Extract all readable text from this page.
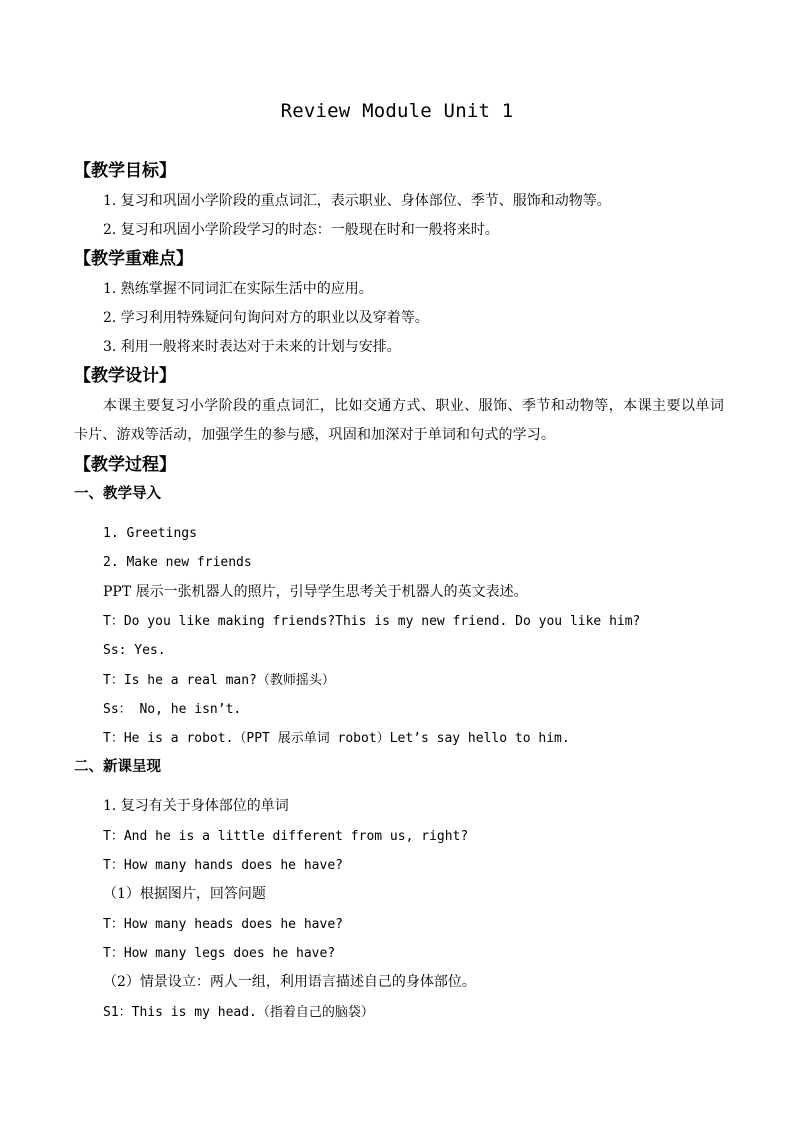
Review Module Unit 1

【教学目标】

1. 复习和巩固小学阶段的重点词汇，表示职业、身体部位、季节、服饰和动物等。

2. 复习和巩固小学阶段学习的时态：一般现在时和一般将来时。

【教学重难点】

1. 熟练掌握不同词汇在实际生活中的应用。

2. 学习利用特殊疑问句询问对方的职业以及穿着等。

3. 利用一般将来时表达对于未来的计划与安排。

【教学设计】

本课主要复习小学阶段的重点词汇，比如交通方式、职业、服饰、季节和动物等，本课主要以单词卡片、游戏等活动，加强学生的参与感，巩固和加深对于单词和句式的学习。

【教学过程】

一、教学导入

1. Greetings

2. Make new friends

PPT 展示一张机器人的照片，引导学生思考关于机器人的英文表述。

T：Do you like making friends?This is my new friend. Do you like him?

Ss: Yes.

T：Is he a real man?（教师摇头）

Ss： No, he isn’t.

T：He is a robot.（PPT 展示单词 robot）Let’s say hello to him.

二、新课呈现

1. 复习有关于身体部位的单词

T：And he is a little different from us, right?

T：How many hands does he have?

（1）根据图片，回答问题

T：How many heads does he have?

T：How many legs does he have?

（2）情景设立：两人一组，利用语言描述自己的身体部位。

S1：This is my head.（指着自己的脑袋）
